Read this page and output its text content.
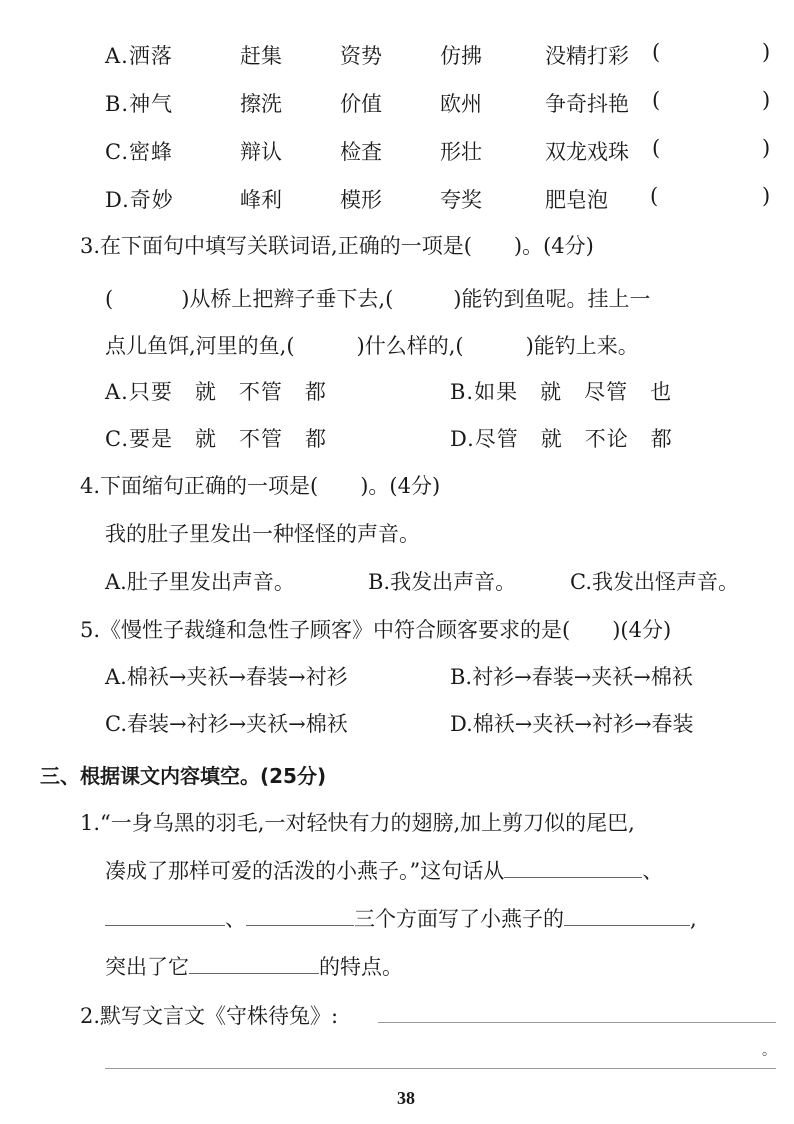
A.洒落	赶集	资势	仿拂	没精打彩 (	)
B.神气	擦洗	价值	欧州	争奇抖艳 (	)
C.密蜂	辩认	检査	形壮	双龙戏珠 (	)
D.奇妙	峰利	模形	夸奖	肥皂泡 (	)
3.在下面句中填写关联词语,正确的一项是(　　)。(4分)
(	)从桥上把辫子垂下去,(	)能钓到鱼呢。挂上一
点儿鱼饵,河里的鱼,(	)什么样的,(	)能钓上来。
A.只要　就　不管　都	B.如果　就　尽管　也
C.要是　就　不管　都	D.尽管　就　不论　都
4.下面缩句正确的一项是(　　)。(4分)
我的肚子里发出一种怪怪的声音。
A.肚子里发出声音。	B.我发出声音。	C.我发出怪声音。
5.《慢性子裁缝和急性子顾客》中符合顾客要求的是(　　)(4分)
A.棉袄→夹袄→春装→衬衫	B.衬衫→春装→夹袄→棉袄
C.春装→衬衫→夹袄→棉袄	D.棉袄→夹袄→衬衫→春装
三、根据课文内容填空。(25分)
1.“一身乌黑的羽毛,一对轻快有力的翅膀,加上剪刀似的尾巴,
凑成了那样可爱的活泼的小燕子。”这句话从	、
、	三个方面写了小燕子的	,
突出了它	的特点。
2.默写文言文《守株待兔》:
。
38
